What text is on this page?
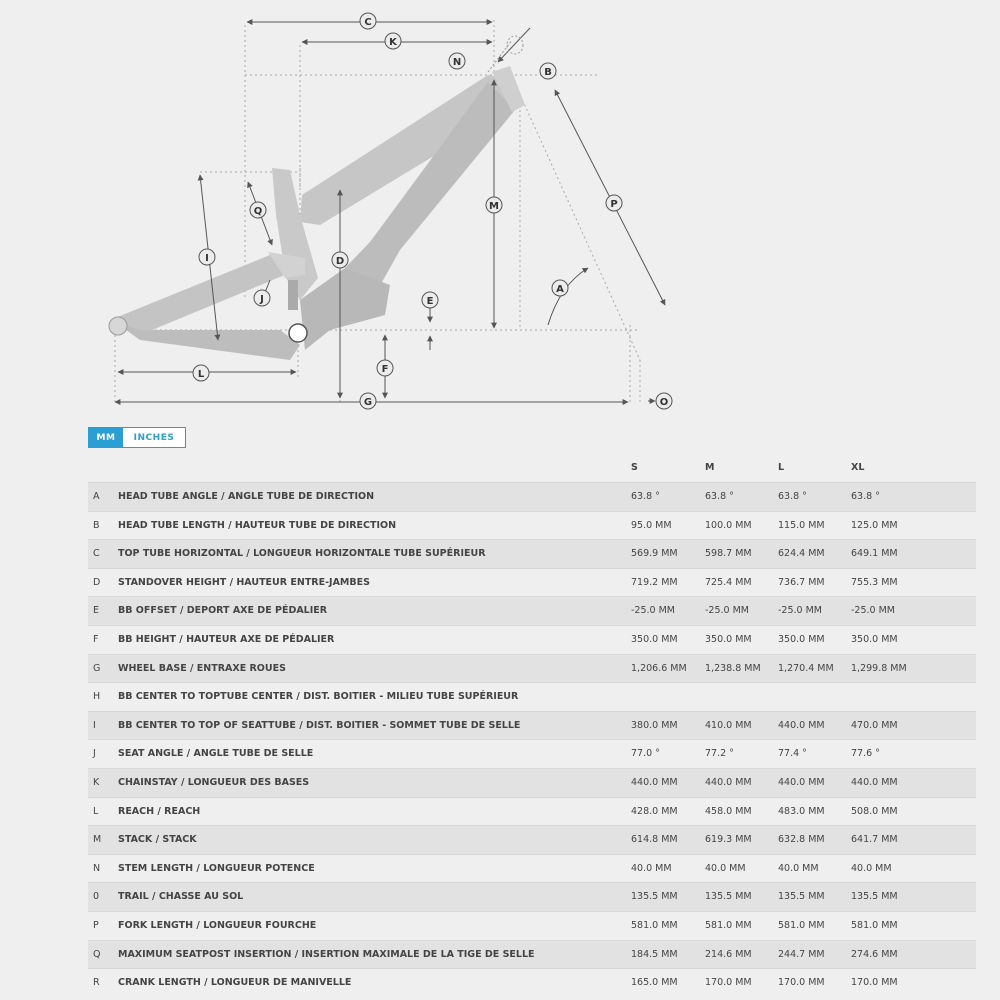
C
K
N
B
M	P
Q
I	D
A
J	E
F
L
G	O
MM	INCHES
S	M	L	XL
A HEAD TUBE ANGLE / ANGLE TUBE DE DIRECTION	63.8 °	63.8 °	63.8 °	63.8 °
B HEAD TUBE LENGTH / HAUTEUR TUBE DE DIRECTION	95.0 MM	100.0 MM	115.0 MM	125.0 MM
C TOP TUBE HORIZONTAL / LONGUEUR HORIZONTALE TUBE SUPÉRIEUR	569.9 MM	598.7 MM	624.4 MM	649.1 MM
D STANDOVER HEIGHT / HAUTEUR ENTRE-JAMBES	719.2 MM	725.4 MM	736.7 MM	755.3 MM
E BB OFFSET / DEPORT AXE DE PÉDALIER	-25.0 MM	-25.0 MM	-25.0 MM	-25.0 MM
F BB HEIGHT / HAUTEUR AXE DE PÉDALIER	350.0 MM	350.0 MM	350.0 MM	350.0 MM
G WHEEL BASE / ENTRAXE ROUES	1,206.6 MM 1,238.8 MM 1,270.4 MM 1,299.8 MM
H BB CENTER TO TOPTUBE CENTER / DIST. BOITIER - MILIEU TUBE SUPÉRIEUR
I BB CENTER TO TOP OF SEATTUBE / DIST. BOITIER - SOMMET TUBE DE SELLE	380.0 MM	410.0 MM	440.0 MM	470.0 MM
J SEAT ANGLE / ANGLE TUBE DE SELLE	77.0 °	77.2 °	77.4 °	77.6 °
K CHAINSTAY / LONGUEUR DES BASES	440.0 MM	440.0 MM	440.0 MM	440.0 MM
L REACH / REACH	428.0 MM	458.0 MM	483.0 MM	508.0 MM
M STACK / STACK	614.8 MM	619.3 MM	632.8 MM	641.7 MM
N STEM LENGTH / LONGUEUR POTENCE	40.0 MM	40.0 MM	40.0 MM	40.0 MM
0 TRAIL / CHASSE AU SOL	135.5 MM	135.5 MM	135.5 MM	135.5 MM
P FORK LENGTH / LONGUEUR FOURCHE	581.0 MM	581.0 MM	581.0 MM	581.0 MM
Q MAXIMUM SEATPOST INSERTION / INSERTION MAXIMALE DE LA TIGE DE SELLE	184.5 MM	214.6 MM	244.7 MM	274.6 MM
R CRANK LENGTH / LONGUEUR DE MANIVELLE	165.0 MM	170.0 MM	170.0 MM	170.0 MM
